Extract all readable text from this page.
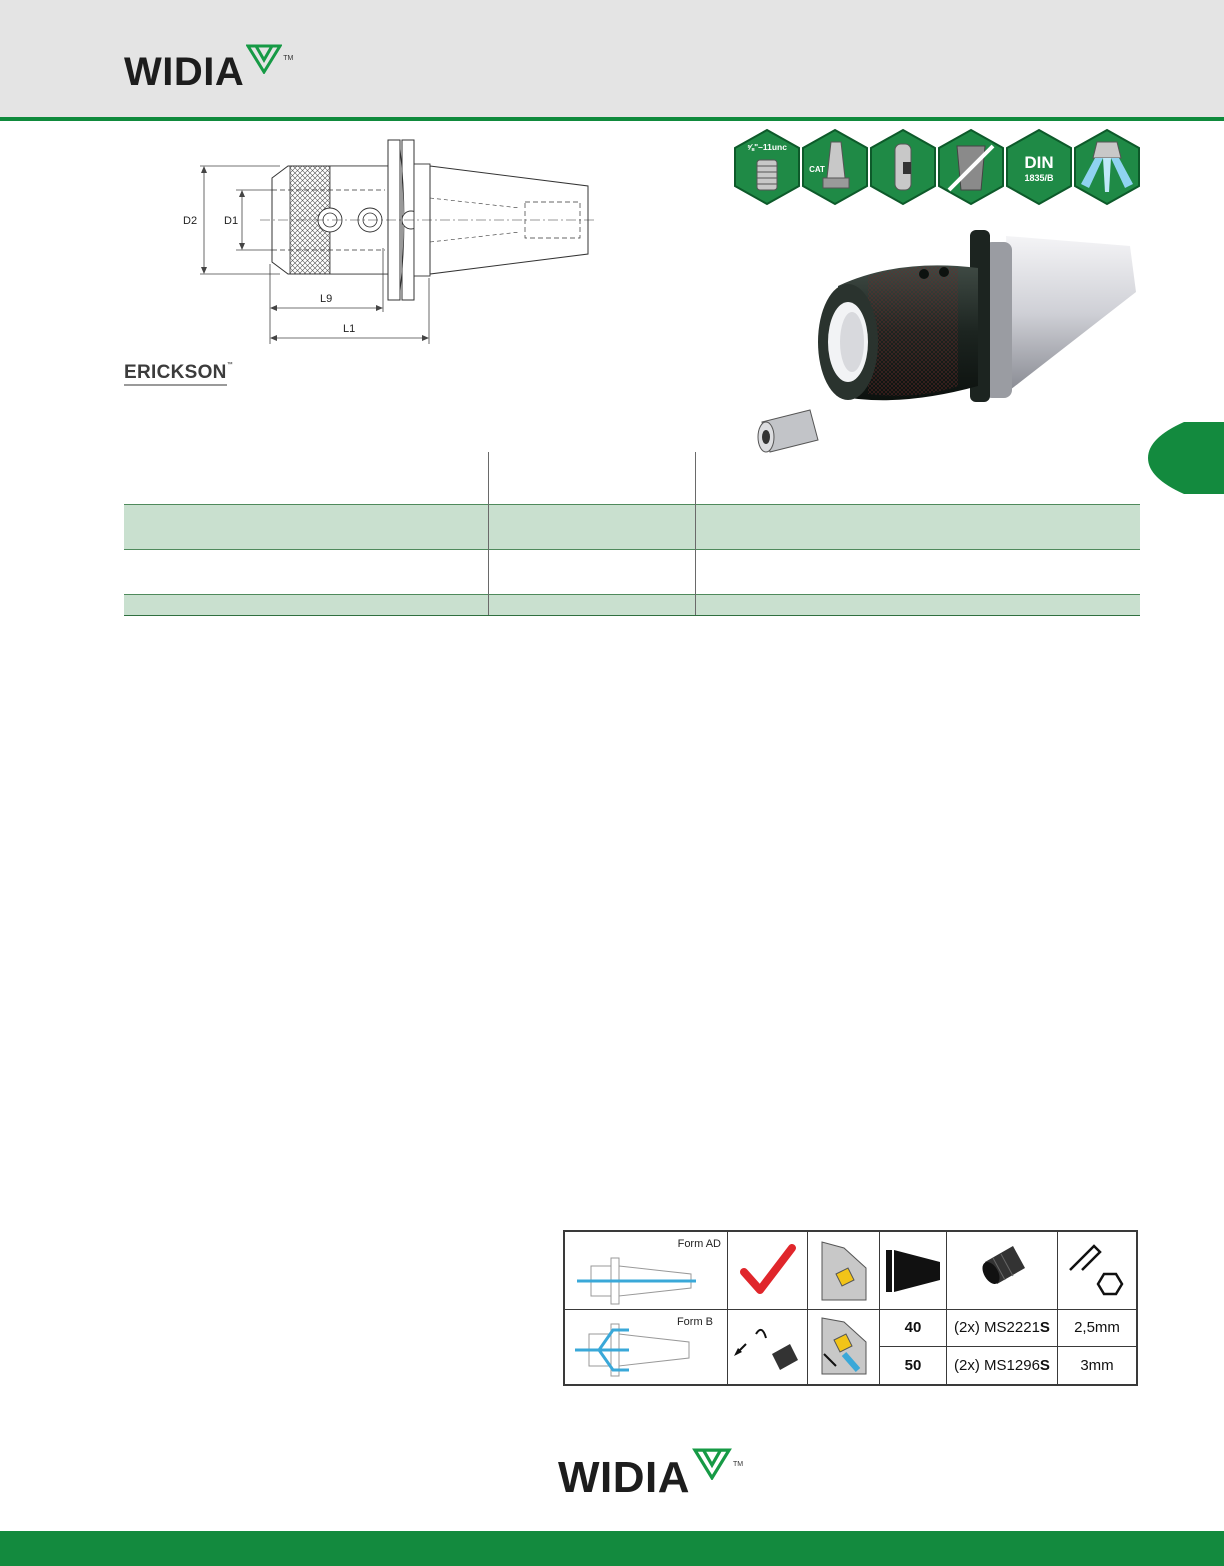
WIDIA	TM
D2 D1
L9
L1
ERICKSON™
⅝"–11unc
CAT	DIN
1835/B

Form AD
Form B	40	(2x) MS2221S	2,5mm
50	(2x) MS1296S	3mm
WIDIA	TM
